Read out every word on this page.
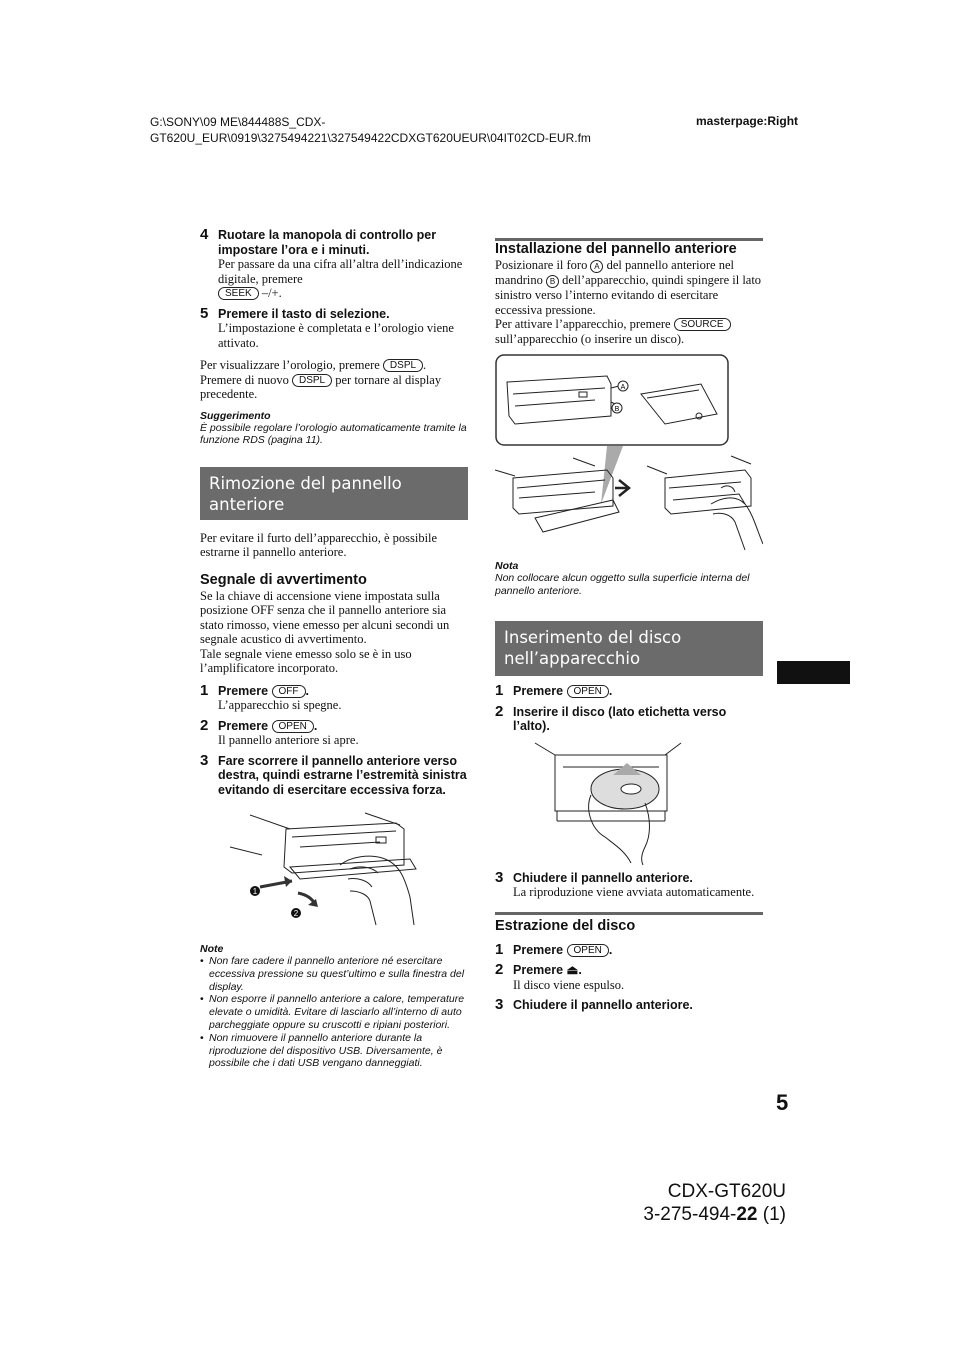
G:\SONY\09 ME\844488S_CDX-GT620U_EUR\0919\3275494221\327549422CDXGT620UEUR\04IT02CD-EUR.fm
masterpage:Right
4 Ruotare la manopola di controllo per impostare l’ora e i minuti.
Per passare da una cifra all’altra dell’indicazione digitale, premere
SEEK –/+.
5 Premere il tasto di selezione.
L’impostazione è completata e l’orologio viene attivato.
Per visualizzare l’orologio, premere DSPL . Premere di nuovo DSPL per tornare al display precedente.
Suggerimento
È possibile regolare l’orologio automaticamente tramite la funzione RDS (pagina 11).
Rimozione del pannello anteriore
Per evitare il furto dell’apparecchio, è possibile estrarne il pannello anteriore.
Segnale di avvertimento
Se la chiave di accensione viene impostata sulla posizione OFF senza che il pannello anteriore sia stato rimosso, viene emesso per alcuni secondi un segnale acustico di avvertimento.
Tale segnale viene emesso solo se è in uso l’amplificatore incorporato.
1 Premere OFF .
L’apparecchio si spegne.
2 Premere OPEN .
Il pannello anteriore si apre.
3 Fare scorrere il pannello anteriore verso destra, quindi estrarne l’estremità sinistra evitando di esercitare eccessiva forza.
1
2
Note
• Non fare cadere il pannello anteriore né esercitare eccessiva pressione su quest’ultimo e sulla finestra del display.
• Non esporre il pannello anteriore a calore, temperature elevate o umidità. Evitare di lasciarlo all’interno di auto parcheggiate oppure su cruscotti e ripiani posteriori.
• Non rimuovere il pannello anteriore durante la riproduzione del dispositivo USB. Diversamente, è possibile che i dati USB vengano danneggiati.
Installazione del pannello anteriore
Posizionare il foro A del pannello anteriore nel mandrino B dell’apparecchio, quindi spingere il lato sinistro verso l’interno evitando di esercitare eccessiva pressione.
Per attivare l’apparecchio, premere SOURCE sull’apparecchio (o inserire un disco).
A
B
Nota
Non collocare alcun oggetto sulla superficie interna del pannello anteriore.
Inserimento del disco nell’apparecchio
1 Premere OPEN .
2 Inserire il disco (lato etichetta verso l’alto).
3 Chiudere il pannello anteriore.
La riproduzione viene avviata automaticamente.
Estrazione del disco
1 Premere OPEN .
2 Premere ⏏.
Il disco viene espulso.
3 Chiudere il pannello anteriore.
5
CDX-GT620U
3-275-494-22 (1)
